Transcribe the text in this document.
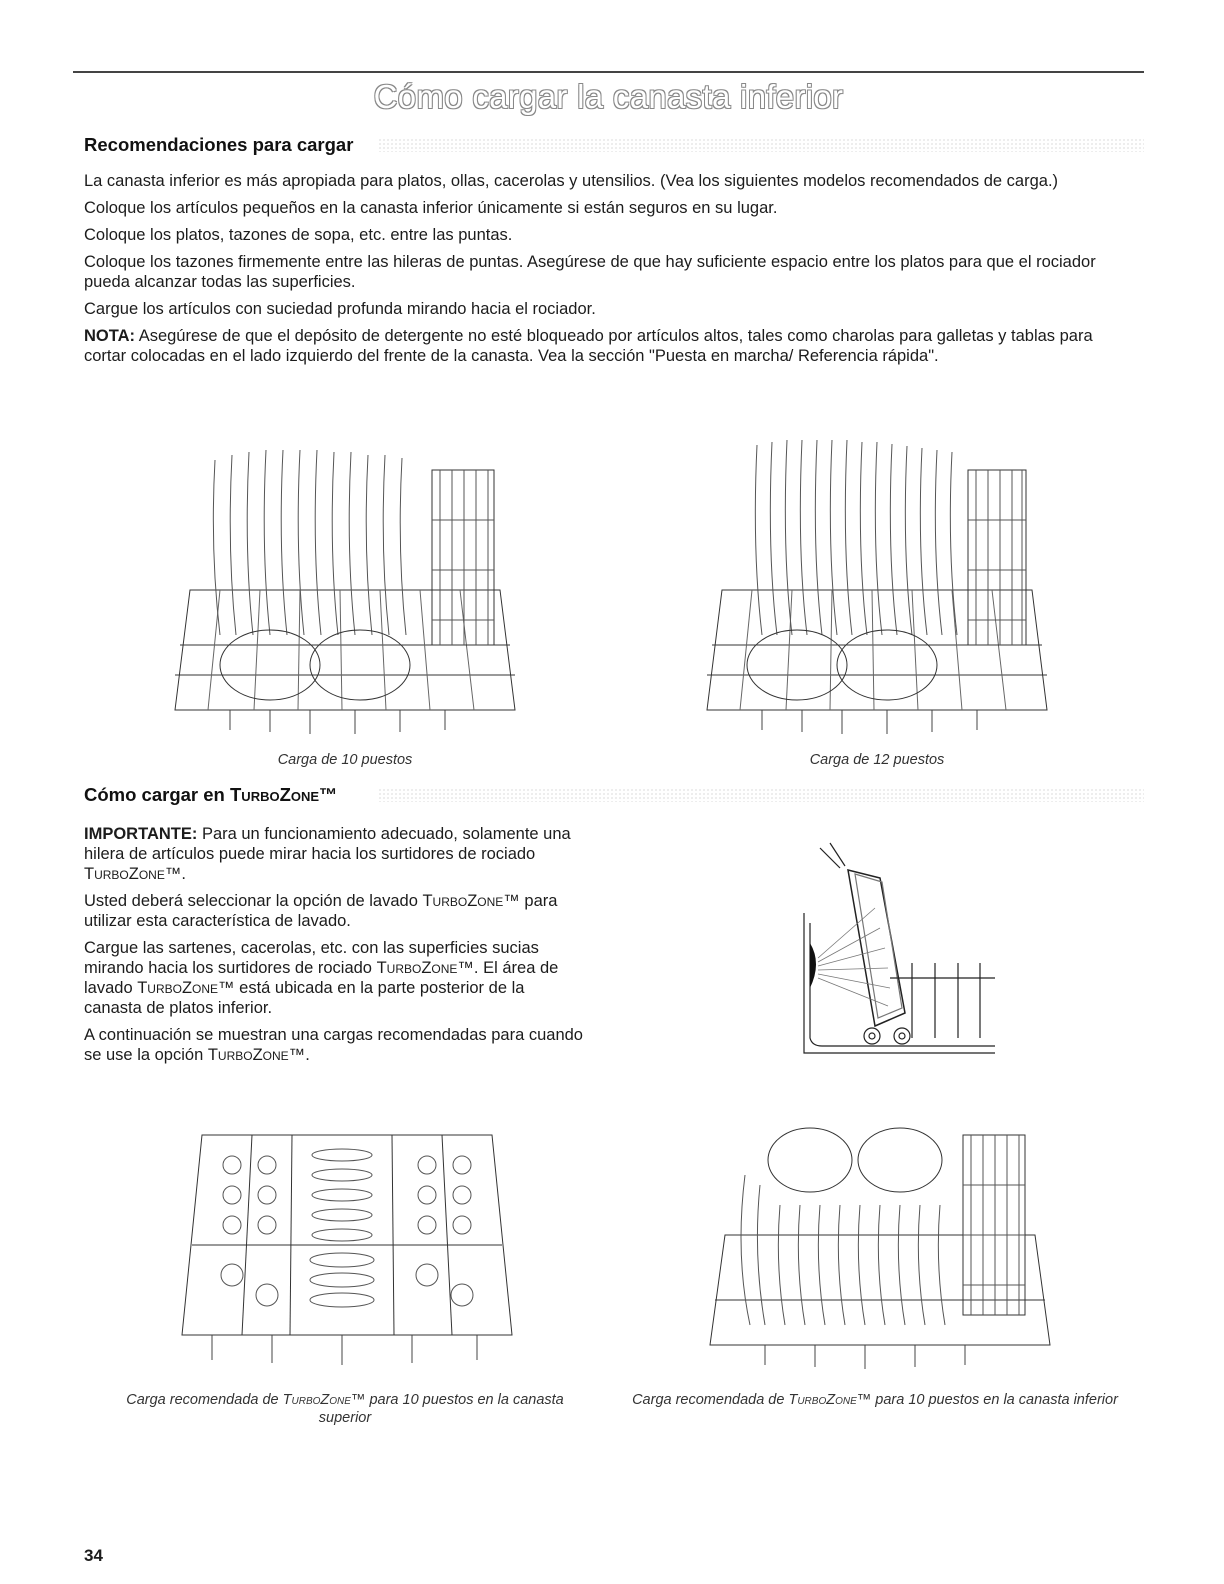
Cómo cargar la canasta inferior
Recomendaciones para cargar

La canasta inferior es más apropiada para platos, ollas, cacerolas y utensilios. (Vea los siguientes modelos recomendados de carga.)

Coloque los artículos pequeños en la canasta inferior únicamente si están seguros en su lugar.

Coloque los platos, tazones de sopa, etc. entre las puntas.

Coloque los tazones firmemente entre las hileras de puntas. Asegúrese de que hay suficiente espacio entre los platos para que el rociador pueda alcanzar todas las superficies.

Cargue los artículos con suciedad profunda mirando hacia el rociador.

NOTA: Asegúrese de que el depósito de detergente no esté bloqueado por artículos altos, tales como charolas para galletas y tablas para cortar colocadas en el lado izquierdo del frente de la canasta. Vea la sección "Puesta en marcha/ Referencia rápida".

Carga de 10 puestos	Carga de 12 puestos
Cómo cargar en TurboZone™

IMPORTANTE: Para un funcionamiento adecuado, solamente una hilera de artículos puede mirar hacia los surtidores de rociado TurboZone™.

Usted deberá seleccionar la opción de lavado TurboZone™ para utilizar esta característica de lavado.

Cargue las sartenes, cacerolas, etc. con las superficies sucias mirando hacia los surtidores de rociado TurboZone™. El área de lavado TurboZone™ está ubicada en la parte posterior de la canasta de platos inferior.

A continuación se muestran una cargas recomendadas para cuando se use la opción TurboZone™.

Carga recomendada de TurboZone™ para 10 puestos en la canasta superior
Carga recomendada de TurboZone™ para 10 puestos en la canasta inferior
34
